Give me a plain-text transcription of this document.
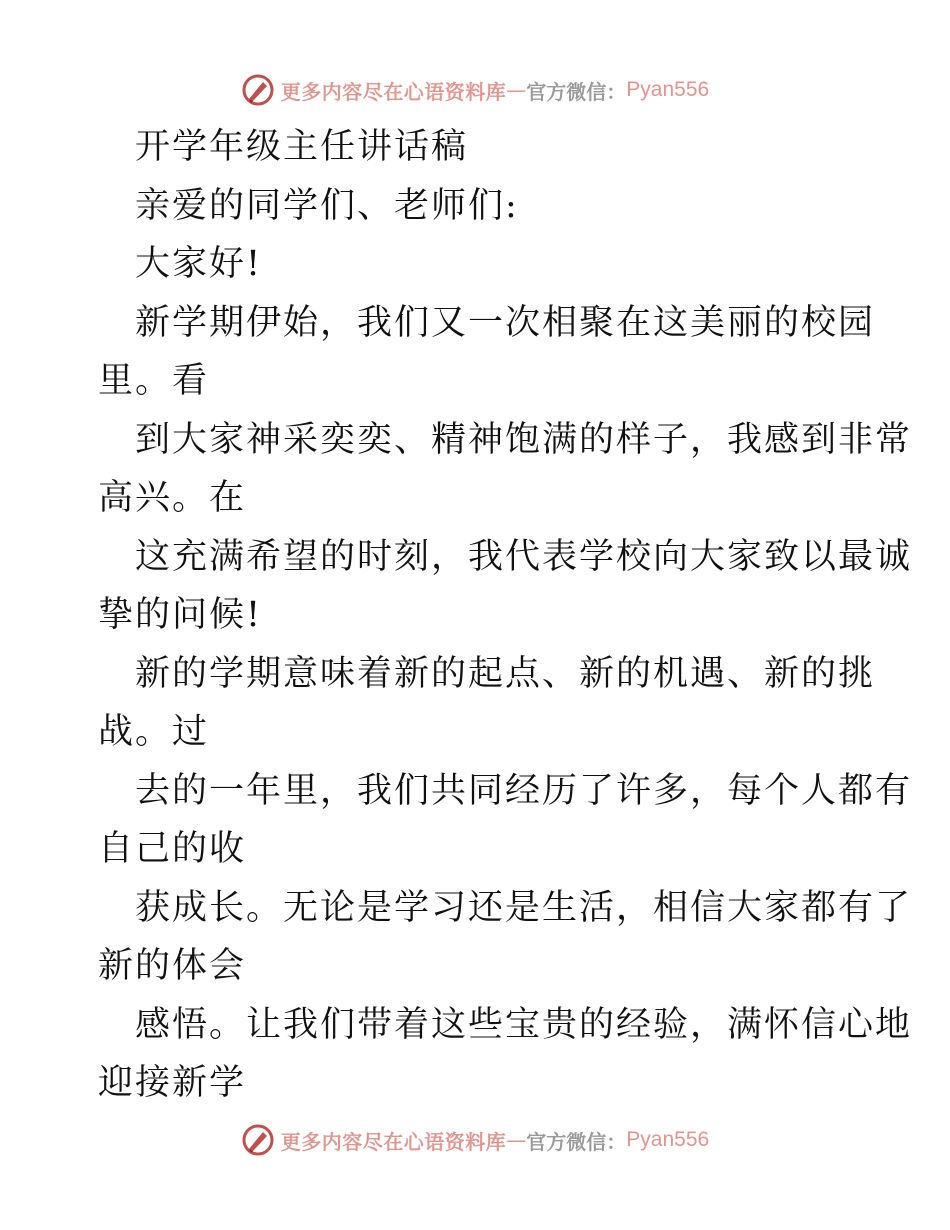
更多内容尽在心语资料库 — 官方微信： Pyan556
开学年级主任讲话稿
亲爱的同学们、老师们:
大家好!
新学期伊始，我们又一次相聚在这美丽的校园
里。看
到大家神采奕奕、精神饱满的样子，我感到非常
高兴。在
这充满希望的时刻，我代表学校向大家致以最诚
挚的问候!
新的学期意味着新的起点、新的机遇、新的挑
战。过
去的一年里，我们共同经历了许多，每个人都有
自己的收
获成长。无论是学习还是生活，相信大家都有了
新的体会
感悟。让我们带着这些宝贵的经验，满怀信心地
迎接新学
更多内容尽在心语资料库 — 官方微信： Pyan556
